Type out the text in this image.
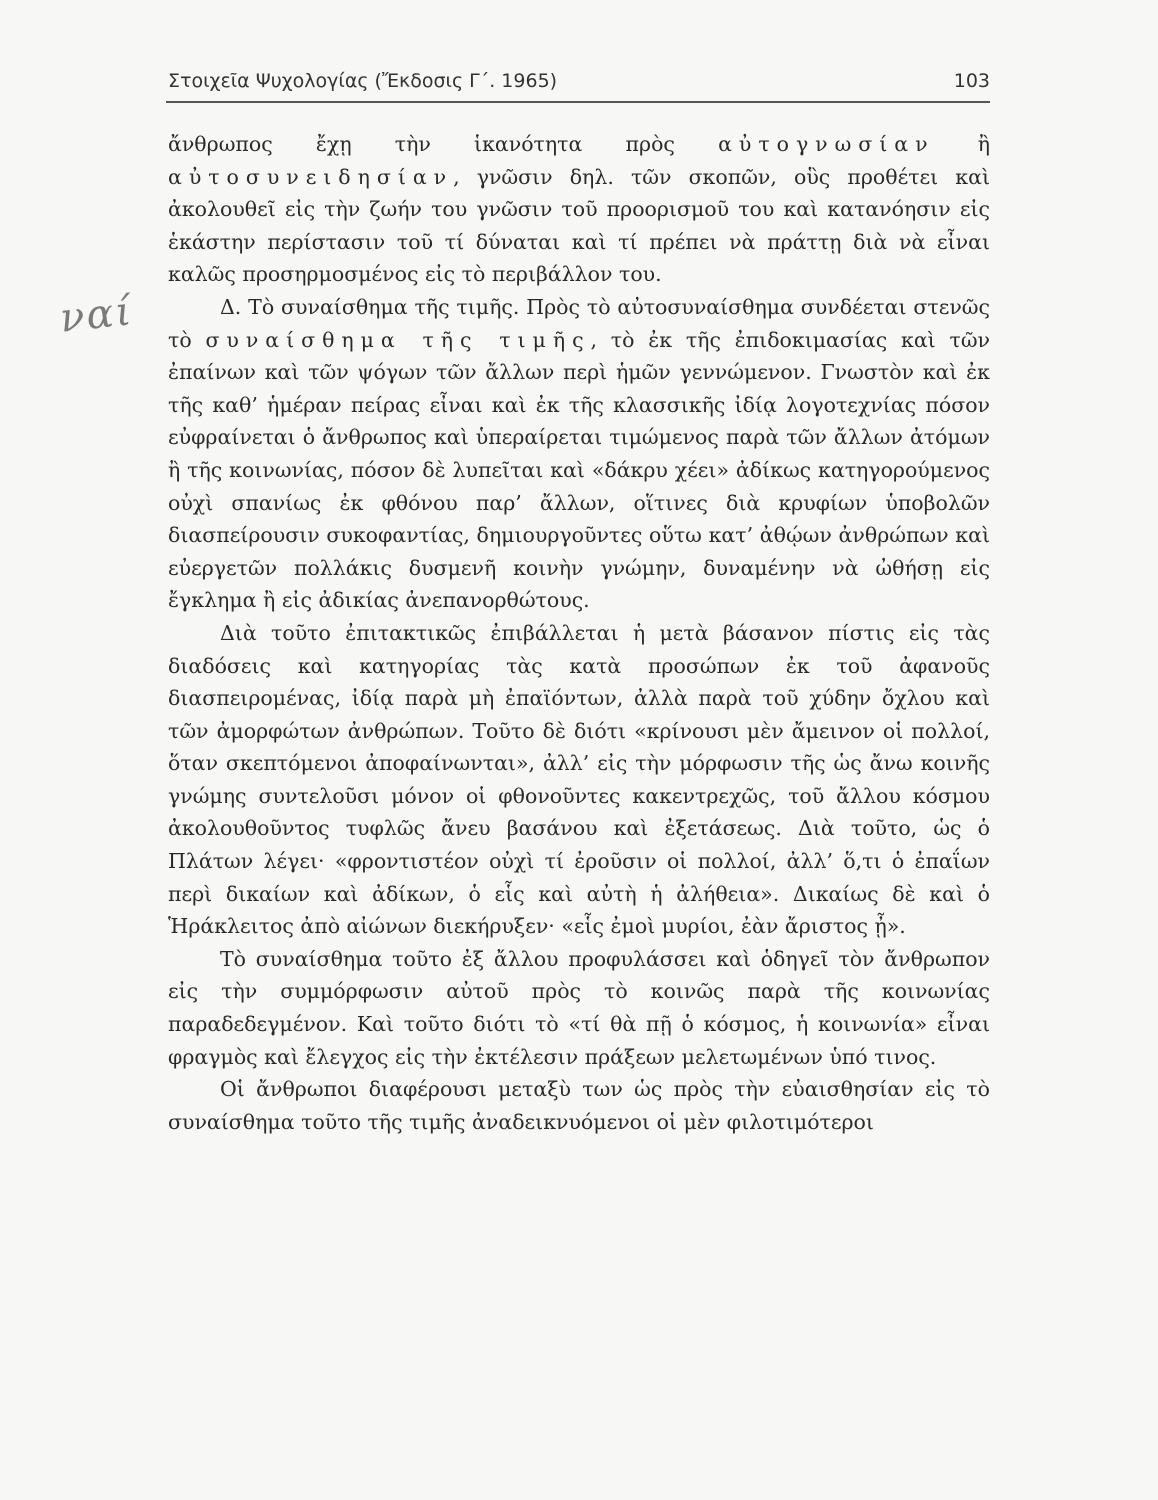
Στοιχεῖα Ψυχολογίας (Ἔκδοσις Γ΄. 1965)	103
ναί

ἄνθρωπος ἔχῃ τὴν ἱκανότητα πρὸς αὐτογνωσίαν ἢ αὐτοσυνειδησίαν, γνῶσιν δηλ. τῶν σκοπῶν, οὓς προθέτει καὶ ἀκολουθεῖ εἰς τὴν ζωήν του γνῶσιν τοῦ προορισμοῦ του καὶ κατανόησιν εἰς ἑκάστην περίστασιν τοῦ τί δύναται καὶ τί πρέπει νὰ πράττῃ διὰ νὰ εἶναι καλῶς προσηρμοσμένος εἰς τὸ περιβάλλον του.

Δ. Τὸ συναίσθημα τῆς τιμῆς. Πρὸς τὸ αὐτοσυναίσθημα συνδέεται στενῶς τὸ συναίσθημα τῆς τιμῆς, τὸ ἐκ τῆς ἐπιδοκιμασίας καὶ τῶν ἐπαίνων καὶ τῶν ψόγων τῶν ἄλλων περὶ ἡμῶν γεννώμενον. Γνωστὸν καὶ ἐκ τῆς καθ’ ἡμέραν πείρας εἶναι καὶ ἐκ τῆς κλασσικῆς ἰδίᾳ λογοτεχνίας πόσον εὐφραίνεται ὁ ἄνθρωπος καὶ ὑπεραίρεται τιμώμενος παρὰ τῶν ἄλλων ἀτόμων ἢ τῆς κοινωνίας, πόσον δὲ λυπεῖται καὶ «δάκρυ χέει» ἀδίκως κατηγορούμενος οὐχὶ σπανίως ἐκ φθόνου παρ’ ἄλλων, οἵτινες διὰ κρυφίων ὑποβολῶν διασπείρουσιν συκοφαντίας, δημιουργοῦντες οὕτω κατ’ ἀθῴων ἀνθρώπων καὶ εὐεργετῶν πολλάκις δυσμενῆ κοινὴν γνώμην, δυναμένην νὰ ὠθήσῃ εἰς ἔγκλημα ἢ εἰς ἀδικίας ἀνεπανορθώτους.

Διὰ τοῦτο ἐπιτακτικῶς ἐπιβάλλεται ἡ μετὰ βάσανον πίστις εἰς τὰς διαδόσεις καὶ κατηγορίας τὰς κατὰ προσώπων ἐκ τοῦ ἀφανοῦς διασπειρομένας, ἰδίᾳ παρὰ μὴ ἐπαϊόντων, ἀλλὰ παρὰ τοῦ χύδην ὄχλου καὶ τῶν ἀμορφώτων ἀνθρώπων. Τοῦτο δὲ διότι «κρίνουσι μὲν ἄμεινον οἱ πολλοί, ὅταν σκεπτόμενοι ἀποφαίνωνται», ἀλλ’ εἰς τὴν μόρφωσιν τῆς ὡς ἄνω κοινῆς γνώμης συντελοῦσι μόνον οἱ φθονοῦντες κακεντρεχῶς, τοῦ ἄλλου κόσμου ἀκολουθοῦντος τυφλῶς ἄνευ βασάνου καὶ ἐξετάσεως. Διὰ τοῦτο, ὡς ὁ Πλάτων λέγει· «φροντιστέον οὐχὶ τί ἐροῦσιν οἱ πολλοί, ἀλλ’ ὅ,τι ὁ ἐπαΐων περὶ δικαίων καὶ ἀδίκων, ὁ εἷς καὶ αὐτὴ ἡ ἀλήθεια». Δικαίως δὲ καὶ ὁ Ἡράκλειτος ἀπὸ αἰώνων διεκήρυξεν· «εἷς ἐμοὶ μυρίοι, ἐὰν ἄριστος ᾖ».

Τὸ συναίσθημα τοῦτο ἐξ ἄλλου προφυλάσσει καὶ ὁδηγεῖ τὸν ἄνθρωπον εἰς τὴν συμμόρφωσιν αὐτοῦ πρὸς τὸ κοινῶς παρὰ τῆς κοινωνίας παραδεδεγμένον. Καὶ τοῦτο διότι τὸ «τί θὰ πῇ ὁ κόσμος, ἡ κοινωνία» εἶναι φραγμὸς καὶ ἔλεγχος εἰς τὴν ἐκτέλεσιν πράξεων μελετωμένων ὑπό τινος.

Οἱ ἄνθρωποι διαφέρουσι μεταξὺ των ὡς πρὸς τὴν εὐαισθησίαν εἰς τὸ συναίσθημα τοῦτο τῆς τιμῆς ἀναδεικνυόμενοι οἱ μὲν φιλοτιμότεροι
